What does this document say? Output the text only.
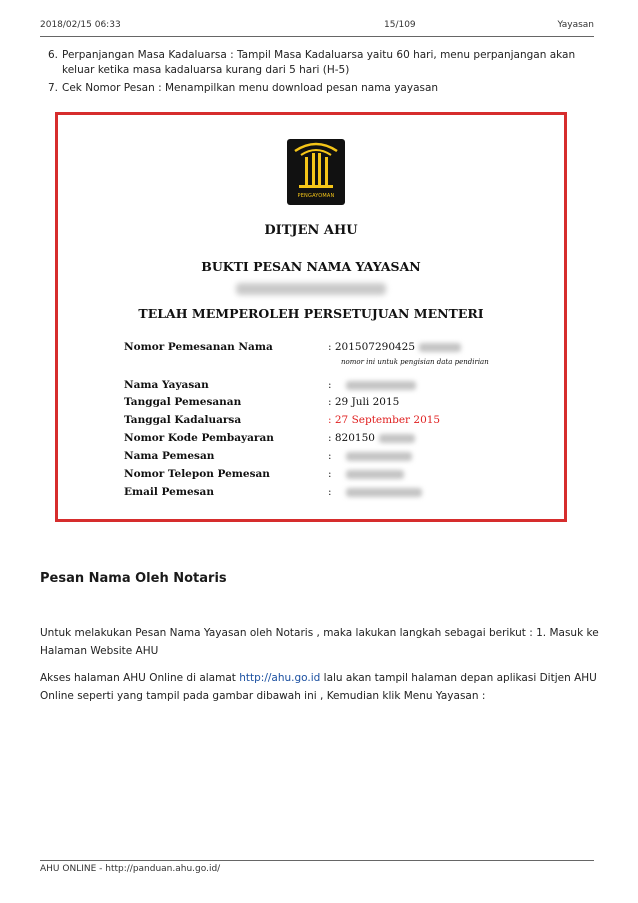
2018/02/15 06:33	15/109	Yayasan
6. Perpanjangan Masa Kadaluarsa : Tampil Masa Kadaluarsa yaitu 60 hari, menu perpanjangan akan keluar ketika masa kadaluarsa kurang dari 5 hari (H-5)
7. Cek Nomor Pesan : Menampilkan menu download pesan nama yayasan
PENGAYOMAN
DITJEN AHU
BUKTI PESAN NAMA YAYASAN
TELAH MEMPEROLEH PERSETUJUAN MENTERI
Nomor Pemesanan Nama	: 201507290425
nomor ini untuk pengisian data pendirian
Nama Yayasan	:
Tanggal Pemesanan	: 29 Juli 2015
Tanggal Kadaluarsa	: 27 September 2015
Nomor Kode Pembayaran	: 820150
Nama Pemesan	:
Nomor Telepon Pemesan	:
Email Pemesan	:
Pesan Nama Oleh Notaris
Untuk melakukan Pesan Nama Yayasan oleh Notaris , maka lakukan langkah sebagai berikut : 1. Masuk ke Halaman Website AHU
Akses halaman AHU Online di alamat http://ahu.go.id lalu akan tampil halaman depan aplikasi Ditjen AHU Online seperti yang tampil pada gambar dibawah ini , Kemudian klik Menu Yayasan :
AHU ONLINE - http://panduan.ahu.go.id/
